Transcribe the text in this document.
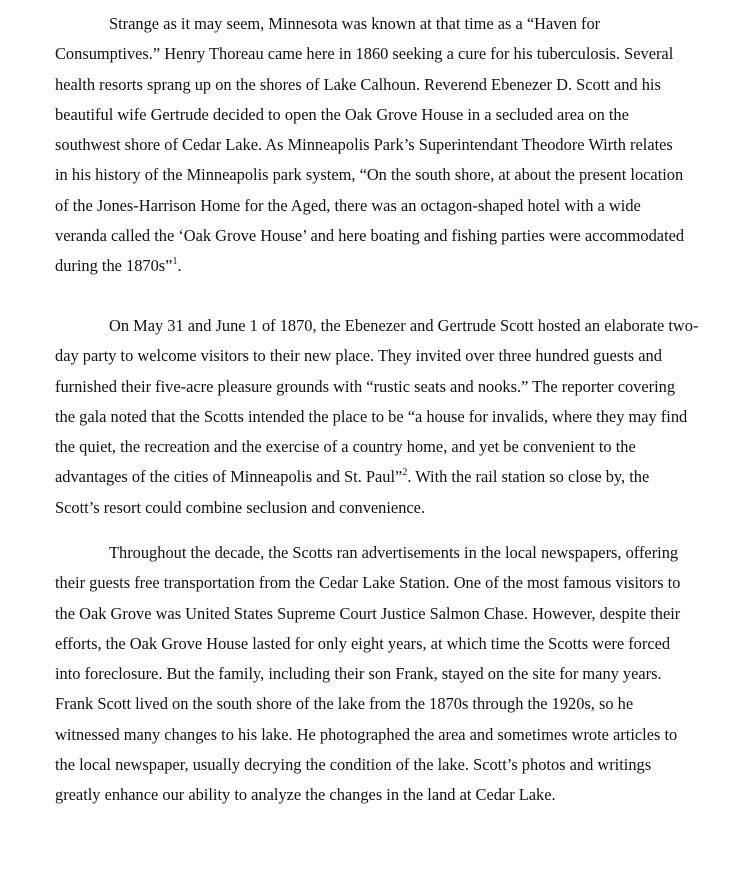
Strange as it may seem, Minnesota was known at that time as a “Haven for
Consumptives.” Henry Thoreau came here in 1860 seeking a cure for his tuberculosis. Several
health resorts sprang up on the shores of Lake Calhoun. Reverend Ebenezer D. Scott and his
beautiful wife Gertrude decided to open the Oak Grove House in a secluded area on the
southwest shore of Cedar Lake. As Minneapolis Park’s Superintendant Theodore Wirth relates
in his history of the Minneapolis park system, “On the south shore, at about the present location
of the Jones-Harrison Home for the Aged, there was an octagon-shaped hotel with a wide
veranda called the ‘Oak Grove House’ and here boating and fishing parties were accommodated
during the 1870s”$^1$.
On May 31 and June 1 of 1870, the Ebenezer and Gertrude Scott hosted an elaborate two-
day party to welcome visitors to their new place. They invited over three hundred guests and
furnished their five-acre pleasure grounds with “rustic seats and nooks.” The reporter covering
the gala noted that the Scotts intended the place to be “a house for invalids, where they may find
the quiet, the recreation and the exercise of a country home, and yet be convenient to the
advantages of the cities of Minneapolis and St. Paul”$^2$. With the rail station so close by, the
Scott’s resort could combine seclusion and convenience.
Throughout the decade, the Scotts ran advertisements in the local newspapers, offering
their guests free transportation from the Cedar Lake Station. One of the most famous visitors to
the Oak Grove was United States Supreme Court Justice Salmon Chase. However, despite their
efforts, the Oak Grove House lasted for only eight years, at which time the Scotts were forced
into foreclosure. But the family, including their son Frank, stayed on the site for many years.
Frank Scott lived on the south shore of the lake from the 1870s through the 1920s, so he
witnessed many changes to his lake. He photographed the area and sometimes wrote articles to
the local newspaper, usually decrying the condition of the lake. Scott’s photos and writings
greatly enhance our ability to analyze the changes in the land at Cedar Lake.
